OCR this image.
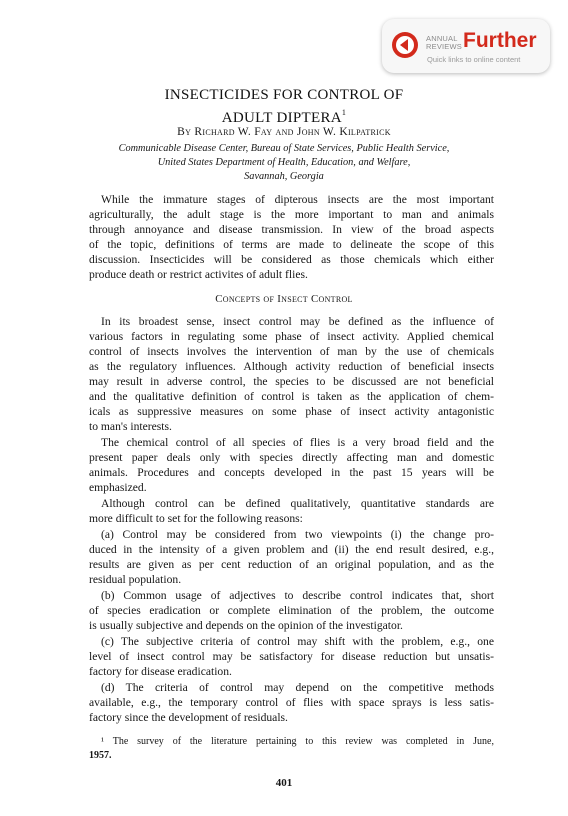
ANNUAL
REVIEWS Further
Quick links to online content
INSECTICIDES FOR CONTROL OF
ADULT DIPTERA$^1$
By Richard W. Fay and John W. Kilpatrick
Communicable Disease Center, Bureau of State Services, Public Health Service,
United States Department of Health, Education, and Welfare,
Savannah, Georgia
While the immature stages of dipterous insects are the most important
agriculturally, the adult stage is the more important to man and animals
through annoyance and disease transmission. In view of the broad aspects
of the topic, definitions of terms are made to delineate the scope of this
discussion. Insecticides will be considered as those chemicals which either
produce death or restrict activites of adult flies.
Concepts of Insect Control
In its broadest sense, insect control may be defined as the influence of
various factors in regulating some phase of insect activity. Applied chemical
control of insects involves the intervention of man by the use of chemicals
as the regulatory influences. Although activity reduction of beneficial insects
may result in adverse control, the species to be discussed are not beneficial
and the qualitative definition of control is taken as the application of chem-
icals as suppressive measures on some phase of insect activity antagonistic
to man's interests.
The chemical control of all species of flies is a very broad field and the
present paper deals only with species directly affecting man and domestic
animals. Procedures and concepts developed in the past 15 years will be
emphasized.
Although control can be defined qualitatively, quantitative standards are
more difficult to set for the following reasons:
(a) Control may be considered from two viewpoints (i) the change pro-
duced in the intensity of a given problem and (ii) the end result desired, e.g.,
results are given as per cent reduction of an original population, and as the
residual population.
(b) Common usage of adjectives to describe control indicates that, short
of species eradication or complete elimination of the problem, the outcome
is usually subjective and depends on the opinion of the investigator.
(c) The subjective criteria of control may shift with the problem, e.g., one
level of insect control may be satisfactory for disease reduction but unsatis-
factory for disease eradication.
(d) The criteria of control may depend on the competitive methods
available, e.g., the temporary control of flies with space sprays is less satis-
factory since the development of residuals.
¹ The survey of the literature pertaining to this review was completed in June,
1957.
401
